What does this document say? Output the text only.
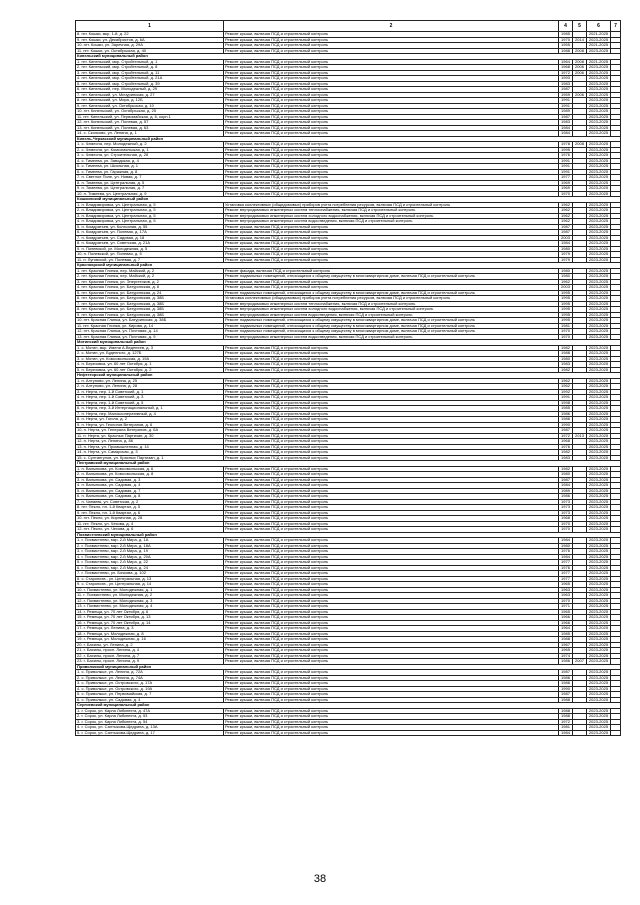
1	2	4	5	6	7
8. пгт. Кошки, мкр. 1-й, д. 22	Ремонт крыши, включая ПСД и строительный контроль	1985		2021-2025	
9. пгт. Кошки, ул. Декабристов, д. 6А	Ремонт крыши, включая ПСД и строительный контроль	1970	2014	2023-2025	
10. пгт. Кошки, ул. Заречная, д. 29А	Ремонт крыши, включая ПСД и строительный контроль	1955		2021-2025	
11. пгт. Кошки, ул. Октябрьская, д. 40	Ремонт крыши, включая ПСД и строительный контроль	1988	2008	2023-2025	
Кинельский муниципальный район					
1. пгт. Кинельский, мкр. Стройтельный, д. 1	Ремонт крыши, включая ПСД и строительный контроль	1964	2008	2021-2025	
2. пгт. Кинельский, мкр. Стройтельный, д. 8	Ремонт крыши, включая ПСД и строительный контроль	1968	2006	2023-2025	
3. пгт. Кинельский, мкр. Стройтельный, д. 11	Ремонт крыши, включая ПСД и строительный контроль	1972	2006	2023-2025	
4. пгт. Кинельский, мкр. Стройтельный, д. 21А	Ремонт крыши, включая ПСД и строительный контроль	1993		2023-2025	
5. пгт. Кинельский, мкр. Стройтельный, д. 39	Ремонт крыши, включая ПСД и строительный контроль	1983		2023-2025	
6. пгт. Кинельский, пер. Молодежный, д. 29	Ремонт крыши, включая ПСД и строительный контроль	1987		2023-2025	
7. пгт. Кинельский, ул. Мичуринская, д. 27	Ремонт крыши, включая ПСД и строительный контроль	1959	2006	2023-2025	
8. пгт. Кинельский, ул. Мира, д. 12Б	Ремонт крыши, включая ПСД и строительный контроль	1991		2023-2025	
9. пгт. Кинельский, ул. Октябрьская, д. 10	Ремонт крыши, включая ПСД и строительный контроль	1991		2023-2025	
10. пгт. Кинельский, ул. Октябрьская, д. 25	Ремонт крыши, включая ПСД и строительный контроль	1989		2023-2025	
11. пгт. Кинельский, ул. Первомайская, д. 6, корп.1	Ремонт крыши, включая ПСД и строительный контроль	1987		2023-2025	
12. пгт. Кинельский, ул. Полевая, д. 57	Ремонт крыши, включая ПСД и строительный контроль	1983		2023-2025	
13. пгт. Кинельский, ул. Полевая, д. 63	Ремонт крыши, включая ПСД и строительный контроль	1984		2023-2025	
14. с. Сколково, ул. Ленина, д. 1	Ремонт крыши, включая ПСД и строительный контроль	1984		2023-2025	
Кинель-Черкасский муниципальный район					
1. с. Чемесна, пер. Молодежный, д. 2	Ремонт крыши, включая ПСД и строительный контроль	1978	2008	2023-2025	
2. с. Чемесна, ул. Комсомольская, д. 1	Ремонт крыши, включая ПСД и строительный контроль	1995		2023-2025	
3. с. Чемесна, ул. Строительная, д. 28	Ремонт крыши, включая ПСД и строительный контроль	1976		2023-2025	
4. с. Тимеева, ул. Заводская, д. 4	Ремонт крыши, включая ПСД и строительный контроль	1991		2023-2025	
5. с. Тимеева, ул. Школьная, д. 1	Ремонт крыши, включая ПСД и строительный контроль	1991		2023-2025	
6. с. Тимеева, ул. Гаражная, д. 8	Ремонт крыши, включая ПСД и строительный контроль	1991		2023-2025	
7. п. Светлое Поле, ул. Новая, д. 7	Ремонт крыши, включая ПСД и строительный контроль	1977		2023-2025	
8. п. Тимеева, ул. Центральная, д. 5	Ремонт крыши, включая ПСД и строительный контроль	1969		2023-2025	
9. п. Тимеева, ул. Центральная, д. 7	Ремонт крыши, включая ПСД и строительный контроль	1969		2023-2025	
10. п. Тимеева, ул. Центральная, д. 9	Ремонт крыши, включая ПСД и строительный контроль	1970		2023-2025	
Кошкинский муниципальный район					
1. п. Владимировка, ул. Центральная, д. 5	Установка коллективных (общедомовых) приборов учета потребления ресурсов, включая ПСД и строительный контроль	1962		2023-2025	
2. п. Владимировка, ул. Центральная, д. 5	Ремонт внутридомовых инженерных систем теплоснабжения, включая ПСД и строительный контроль	1962		2023-2025	
3. п. Владимировка, ул. Центральная, д. 5	Ремонт внутридомовых инженерных систем холодного водоснабжения, включая ПСД и строительный контроль	1962		2023-2025	
4. п. Владимировка, ул. Центральная, д. 5	Ремонт внутридомовых инженерных систем водоотведения, включая ПСД и строительный контроль	1962		2023-2025	
5. п. Комдратьев, ул. Колхозная, д. 55	Ремонт крыши, включая ПСД и строительный контроль	1987		2023-2025	
6. п. Комдратьев, ул. Полевая, д. 17А	Ремонт крыши, включая ПСД и строительный контроль	1987		2023-2025	
7. п. Комдратьев, ул. Садовая, д. 18	Ремонт крыши, включая ПСД и строительный контроль	2003		2023-2025	
8. п. Комдратьев, ул. Советская, д. 21А	Ремонт крыши, включая ПСД и строительный контроль	1984		2023-2025	
9. п. Полевской, ул. Молодежная, д. 5	Ремонт крыши, включая ПСД и строительный контроль	1980		2023-2025	
10. п. Полевской, ул. Полевая, д. 5	Ремонт крыши, включая ПСД и строительный контроль	1979		2023-2025	
11. п. Луговской, ул. Полевая, д. 7	Ремонт крыши, включая ПСД и строительный контроль	1979		2023-2025	
Красноярский муниципальный район					
1. пгт. Красная Глинка, пер. Майский, д. 2	Ремонт фасада, включая ПСД и строительный контроль	1980		2023-2025	
2. пгт. Красная Глинка, пер. Майский, д. 2	Ремонт подвальных помещений, относящихся к общему имуществу в многоквартирном доме, включая ПСД и строительный контроль	1980		2023-2025	
3. пгт. Красная Глинка, ул. Энергетиков, д. 2	Ремонт крыши, включая ПСД и строительный контроль	1962		2023-2025	
4. пгт. Красная Глинка, ул. Батуринская, д. 6	Ремонт крыши, включая ПСД и строительный контроль	2003		2023-2025	
5. пгт. Красная Глинка, ул. Батуринская, д. 24	Ремонт подвальных помещений, относящихся к общему имуществу в многоквартирном доме, включая ПСД и строительный контроль	1995		2023-2025	
6. пгт. Красная Глинка, ул. Батуринская, д. 38Б	Установка коллективных (общедомовых) приборов учета потребления ресурсов, включая ПСД и строительный контроль	1995		2023-2025	
7. пгт. Красная Глинка, ул. Батуринская, д. 38Б	Ремонт внутридомовых инженерных систем теплоснабжения, включая ПСД и строительный контроль	1995		2023-2025	
8. пгт. Красная Глинка, ул. Батуринская, д. 38Б	Ремонт внутридомовых инженерных систем холодного водоснабжения, включая ПСД и строительный контроль	1995		2023-2025	
9. пгт. Красная Глинка, ул. Батуринская, д. 38Б	Ремонт внутридомовых инженерных систем водоотведения, включая ПСД и строительный контроль	1995		2023-2025	
10. пгт. Красная Глинка, ул. Батуринская, д. 38Б	Ремонт подвальных помещений, относящихся к общему имуществу в многоквартирном доме, включая ПСД и строительный контроль	1995		2023-2025	
11. пгт. Красная Глинка, ул. Кирова, д. 14	Ремонт подвальных помещений, относящихся к общему имуществу в многоквартирном доме, включая ПСД и строительный контроль	1981		2023-2025	
12. пгт. Красная Глинка, ул. Почтовая, д. 14	Ремонт подвальных помещений, относящихся к общему имуществу в многоквартирном доме, включая ПСД и строительный контроль	1970		2023-2025	
13. пгт. Красная Глинка, ул. Почтовая, д. 9	Ремонт внутридомовых инженерных систем водоотведения, включая ПСД и строительный контроль	1970		2023-2025	
Мотинский муниципальный район					
1. с. Мотин, мкр. Имени А.Веденеев, д. 3	Ремонт крыши, включая ПСД и строительный контроль	1982		2023-2025	
2. с. Мотин, ул. Буденного, д. 127Б	Ремонт крыши, включая ПСД и строительный контроль	1988		2023-2025	
3. с. Мотин, ул. Комсомольская, д. 19А	Ремонт крыши, включая ПСД и строительный контроль	1980		2023-2025	
4. п. Березовка, ул. 60 лет Октября, д. 1	Ремонт крыши, включая ПСД и строительный контроль	1983		2023-2025	
5. п. Березовка, ул. 60 лет Октября, д. 2	Ремонт крыши, включая ПСД и строительный контроль	1982		2023-2025	
Нефтегорский муниципальный район					
1. п. Алтуново, ул. Ленина, д. 25	Ремонт крыши, включая ПСД и строительный контроль	1962		2023-2025	
2. п. Алтуново, ул. Ленина, д. 28	Ремонт крыши, включая ПСД и строительный контроль	1962		2023-2025	
3. п. Нерта, пер. 1-й Советский, д. 1	Ремонт крыши, включая ПСД и строительный контроль	1992		2023-2025	
4. п. Нерта, пер. 1-й Советский, д. 3	Ремонт крыши, включая ПСД и строительный контроль	1991		2023-2025	
5. п. Нерта, пер. 1-й Советский, д. 5	Ремонт крыши, включая ПСД и строительный контроль	1998		2023-2025	
6. п. Нерта, пер. 3-й Интернациональный, д. 1	Ремонт крыши, включая ПСД и строительный контроль	1985		2023-2025	
7. п. Нерта, пер. Малокооперативный, д. 4	Ремонт крыши, включая ПСД и строительный контроль	1986		2023-2025	
8. п. Нерта, ул. Гоголя, д. 2	Ремонт крыши, включая ПСД и строительный контроль	1986		2023-2025	
9. п. Нерта, ул. Геологов Ветеранов, д. 6	Ремонт крыши, включая ПСД и строительный контроль	1990		2023-2025	
10. п. Нерта, ул. Генерала Ветеранов, д. 6А	Ремонт крыши, включая ПСД и строительный контроль	1987		2023-2025	
11. п. Нерта, ул. Красных Партизан, д. 30	Ремонт крыши, включая ПСД и строительный контроль	1972	2013	2023-2025	
12. п. Нерта, ул. Ленина, д. 86	Ремонт крыши, включая ПСД и строительный контроль	1968		2023-2025	
13. п. Нерта, ул. Промышленная, д. 14	Ремонт крыши, включая ПСД и строительный контроль	1976		2023-2025	
14. п. Нерта, ул. Самарская, д. 3	Ремонт крыши, включая ПСД и строительный контроль	1982		2023-2025	
15. с. Султангулов, ул. Красных Партизан, д. 1	Ремонт крыши, включая ПСД и строительный контроль	1983		2023-2025	
Пестравский муниципальный район					
1. п. Валынкова, ул. Комсомольская, д. 6	Ремонт крыши, включая ПСД и строительный контроль	1982		2023-2025	
2. п. Валынкова, ул. Комсомольская, д. 8	Ремонт крыши, включая ПСД и строительный контроль	1980		2023-2025	
3. п. Валынкова, ул. Садовая, д. 3	Ремонт крыши, включая ПСД и строительный контроль	1987		2023-2025	
4. п. Валынкова, ул. Садовая, д. 4	Ремонт крыши, включая ПСД и строительный контроль	1984		2023-2025	
5. п. Валынкова, ул. Садовая, д. 7	Ремонт крыши, включая ПСД и строительный контроль	1989		2023-2025	
6. п. Валынкова, ул. Садовая, д. 8	Ремонт крыши, включая ПСД и строительный контроль	1986		2023-2025	
7. п. Чапаевк, ул. Советская, д. 2	Ремонт крыши, включая ПСД и строительный контроль	1973		2023-2025	
8. пгт. Пекло, пл. 1-й Квартал, д. 5	Ремонт крыши, включая ПСД и строительный контроль	1973		2023-2025	
9. пгт. Пекло, пл. 1-й Квартал, д. 6	Ремонт крыши, включая ПСД и строительный контроль	1973		2023-2025	
10. пгт. Пекло, ул. Кирпичная, д. 28	Ремонт крыши, включая ПСД и строительный контроль	1968		2023-2025	
11. пгт. Пекло, ул. Чехова, д. 4	Ремонт крыши, включая ПСД и строительный контроль	1970		2023-2025	
12. пгт. Пекло, ул. Чехова, д. 6	Ремонт крыши, включая ПСД и строительный контроль	1970		2023-2025	
Похвистневский муниципальный район					
1. г. Похвистнево, мкр. 2-й Мира, д. 1А	Ремонт крыши, включая ПСД и строительный контроль	1984		2023-2025	
2. г. Похвистнево, мкр. 2-й Мира, д. 18А	Ремонт крыши, включая ПСД и строительный контроль	1980		2023-2025	
3. г. Похвистнево, мкр. 2-й Мира, д. 19	Ремонт крыши, включая ПСД и строительный контроль	1976		2023-2025	
4. г. Похвистнево, мкр. 2-й Мира, д. 20А	Ремонт крыши, включая ПСД и строительный контроль	1984		2023-2025	
5. г. Похвистнево, мкр. 2-й Мира, д. 22	Ремонт крыши, включая ПСД и строительный контроль	1977		2023-2025	
6. г. Похвистнево, мкр. 2-й Мира, д. 24	Ремонт крыши, включая ПСД и строительный контроль	1976		2023-2025	
7. г. Похвистнево, ул. Бочкова, д. 102	Ремонт крыши, включая ПСД и строительный контроль	1977		2023-2025	
8. с. Старопохв., ул. Центральная, д. 13	Ремонт крыши, включая ПСД и строительный контроль	1977		2023-2025	
9. с. Старопохв., ул. Центральная, д. 14	Ремонт крыши, включая ПСД и строительный контроль	1965		2023-2025	
10. г. Похвистнево, ул. Молодежная, д. 1	Ремонт крыши, включая ПСД и строительный контроль	1963		2023-2025	
11. г. Похвистнево, ул. Молодежная, д. 2	Ремонт крыши, включая ПСД и строительный контроль	1963		2023-2025	
12. г. Похвистнево, ул. Молодежная, д. 3	Ремонт крыши, включая ПСД и строительный контроль	1970		2023-2025	
13. г. Похвистнево, ул. Молодежная, д. 4	Ремонт крыши, включая ПСД и строительный контроль	1971		2023-2025	
14. г. Ремеща, ул. 70 лет Октября, д. 6	Ремонт крыши, включая ПСД и строительный контроль	1965		2023-2025	
15. г. Ремеща, ул. 70 лет Октября, д. 13	Ремонт крыши, включая ПСД и строительный контроль	1966		2023-2025	
16. г. Ремеща, ул. 70 лет Октября, д. 14	Ремонт крыши, включая ПСД и строительный контроль	1966		2023-2025	
17. г. Ремеща, ул. Ленина, д. 3	Ремонт крыши, включая ПСД и строительный контроль	1964		2023-2025	
18. г. Ремеща, ул. Молодежная, д. 8	Ремонт крыши, включая ПСД и строительный контроль	1985		2023-2025	
19. г. Ремеща, ул. Молодежная, д. 16	Ремонт крыши, включая ПСД и строительный контроль	1988		2023-2025	
20. г. Бахилы, ул. Ленина, д. 2	Ремонт крыши, включая ПСД и строительный контроль	1967		2023-2025	
21. г. Бахилы, просп. Ленина, д. 4	Ремонт крыши, включая ПСД и строительный контроль	1965		2023-2025	
22. г. Бахилы, просп. Ленина, д. 7	Ремонт крыши, включая ПСД и строительный контроль	1974		2023-2025	
23. г. Бахилы, просп. Ленина, д. 9	Ремонт крыши, включая ПСД и строительный контроль	1986	2007	2023-2025	
Приволжский муниципальный район					
1. с. Приволжье, ул. Ленина, д. 72А	Ремонт крыши, включая ПСД и строительный контроль	1987		2023-2025	
2. с. Приволжье, ул. Ленина, д. 74А	Ремонт крыши, включая ПСД и строительный контроль	1986		2023-2025	
3. с. Приволжье, ул. Островского, д. 17А	Ремонт крыши, включая ПСД и строительный контроль	1986		2023-2025	
4. с. Приволжье, ул. Островского, д. 19А	Ремонт крыши, включая ПСД и строительный контроль	1990		2023-2025	
5. с. Приволжье, ул. Первомайская, д. 7	Ремонт крыши, включая ПСД и строительный контроль	1987		2023-2025	
6. с. Приволжье, ул. Садовая, д. 4	Ремонт крыши, включая ПСД и строительный контроль	1988		2023-2025	
Сергиевский муниципальный район					
1. г. Сорок, ул. Карла Либкнехта, д. 47А	Ремонт крыши, включая ПСД и строительный контроль	1988		2023-2025	
2. г. Сорок, ул. Карла Либкнехта, д. 53	Ремонт крыши, включая ПСД и строительный контроль	1988		2023-2025	
3. г. Сорок, ул. Карла Либкнехта, д. 54	Ремонт крыши, включая ПСД и строительный контроль	1972		2023-2025	
4. г. Сорок, ул. Салтыкова-Щедрина, д. 13А	Ремонт крыши, включая ПСД и строительный контроль	1981		2023-2025	
5. г. Сорок, ул. Салтыкова-Щедрина, д. 17	Ремонт крыши, включая ПСД и строительный контроль	1984		2023-2025	
38
